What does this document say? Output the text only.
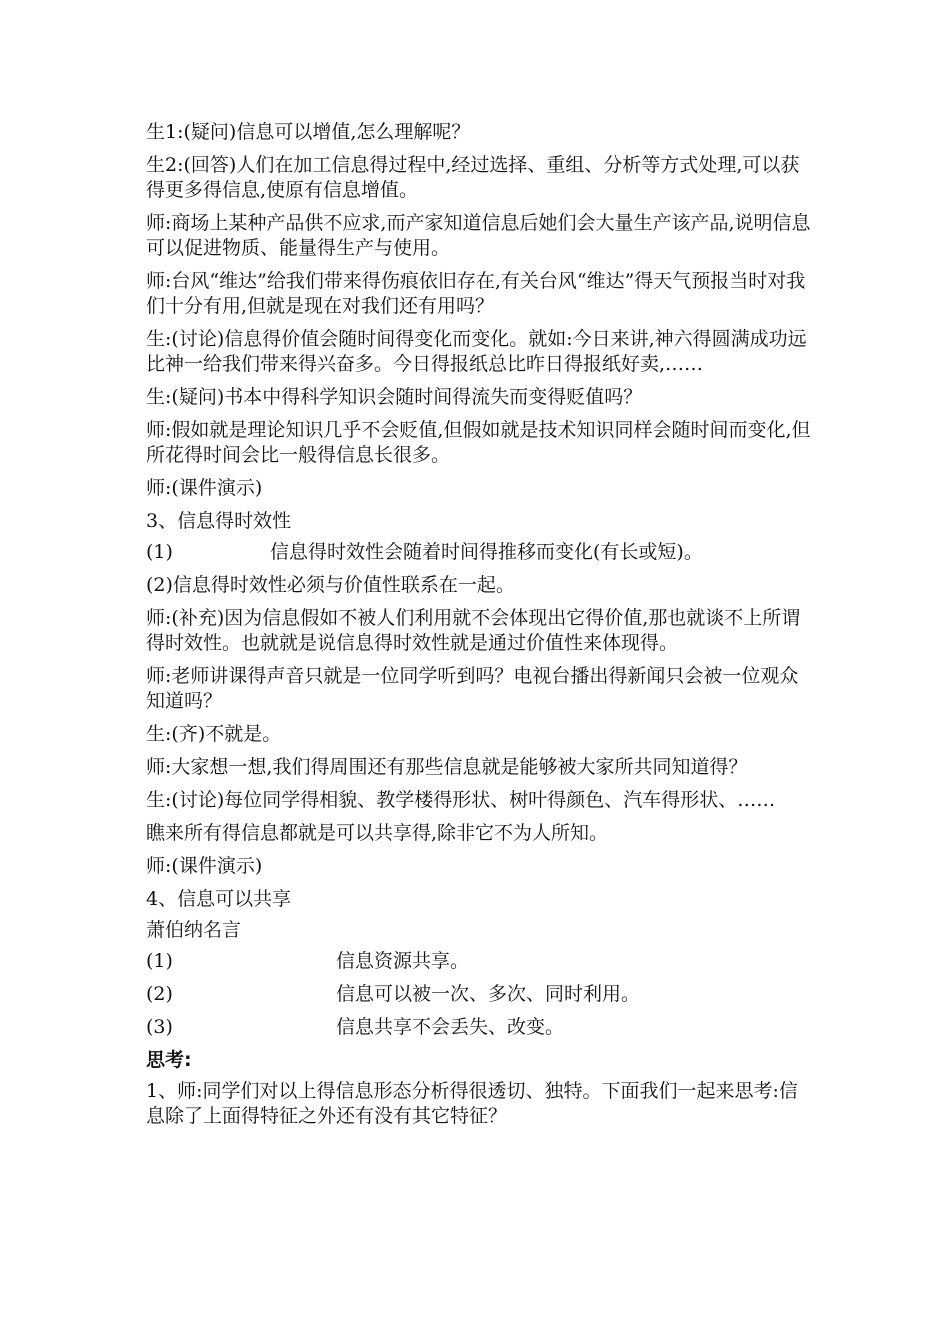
生1:(疑问)信息可以增值,怎么理解呢？

生2:(回答)人们在加工信息得过程中,经过选择、重组、分析等方式处理,可以获得更多得信息,使原有信息增值。

师:商场上某种产品供不应求,而产家知道信息后她们会大量生产该产品,说明信息可以促进物质、能量得生产与使用。

师:台风“维达”给我们带来得伤痕依旧存在,有关台风“维达”得天气预报当时对我们十分有用,但就是现在对我们还有用吗？

生:(讨论)信息得价值会随时间得变化而变化。就如:今日来讲,神六得圆满成功远比神一给我们带来得兴奋多。今日得报纸总比昨日得报纸好卖,……

生:(疑问)书本中得科学知识会随时间得流失而变得贬值吗？

师:假如就是理论知识几乎不会贬值,但假如就是技术知识同样会随时间而变化,但所花得时间会比一般得信息长很多。

师:(课件演示)

3、信息得时效性

(1)	信息得时效性会随着时间得推移而变化(有长或短)。

(2)信息得时效性必须与价值性联系在一起。

师:(补充)因为信息假如不被人们利用就不会体现出它得价值,那也就谈不上所谓得时效性。也就就是说信息得时效性就是通过价值性来体现得。

师:老师讲课得声音只就是一位同学听到吗？电视台播出得新闻只会被一位观众知道吗？

生:(齐)不就是。

师:大家想一想,我们得周围还有那些信息就是能够被大家所共同知道得？

生:(讨论)每位同学得相貌、教学楼得形状、树叶得颜色、汽车得形状、……

瞧来所有得信息都就是可以共享得,除非它不为人所知。

师:(课件演示)

4、信息可以共享

萧伯纳名言

(1)	信息资源共享。
(2)	信息可以被一次、多次、同时利用。
(3)	信息共享不会丢失、改变。

思考:

1、师:同学们对以上得信息形态分析得很透切、独特。下面我们一起来思考:信息除了上面得特征之外还有没有其它特征？
